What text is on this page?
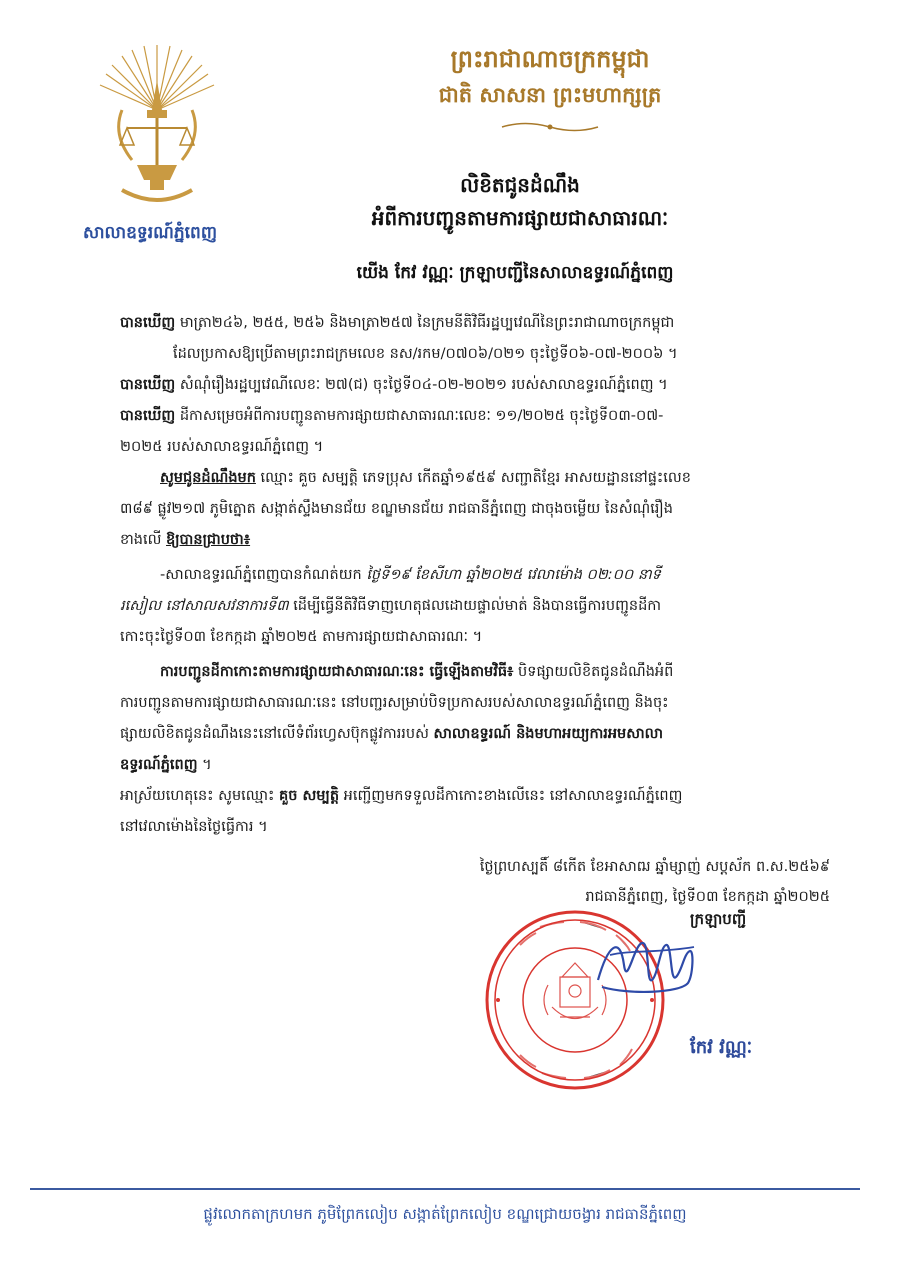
សាលាឧទ្ធរណ៍ភ្នំពេញ
ព្រះរាជាណាចក្រកម្ពុជា
ជាតិ សាសនា ព្រះមហាក្សត្រ
លិខិតជូនដំណឹង
អំពីការបញ្ជូនតាមការផ្សាយជាសាធារណៈ
យើង កែវ វណ្ណៈ ក្រឡាបញ្ជីនៃសាលាឧទ្ធរណ៍ភ្នំពេញ
បានឃើញ មាត្រា២៤៦, ២៥៥, ២៥៦ និងមាត្រា២៥៧ នៃក្រមនីតិវិធីរដ្ឋប្បវេណីនៃព្រះរាជាណាចក្រកម្ពុជា
ដែលប្រកាសឱ្យប្រើតាមព្រះរាជក្រមលេខ នស/រកម/០៧០៦/០២១ ចុះថ្ងៃទី០៦-០៧-២០០៦ ។
បានឃើញ សំណុំរឿងរដ្ឋប្បវេណីលេខៈ ២៧(ជ) ចុះថ្ងៃទី០៤-០២-២០២១ របស់សាលាឧទ្ធរណ៍ភ្នំពេញ ។
បានឃើញ ដីកាសម្រេចអំពីការបញ្ជូនតាមការផ្សាយជាសាធារណៈលេខៈ ១១/២០២៥ ចុះថ្ងៃទី០៣-០៧-
២០២៥ របស់សាលាឧទ្ធរណ៍ភ្នំពេញ ។
សូមជូនដំណឹងមក ឈ្មោះ គួច សម្បត្តិ ភេទប្រុស កើតឆ្នាំ១៩៥៩ សញ្ជាតិខ្មែរ អាសយដ្ឋាននៅផ្ទះលេខ
៣៨៩ ផ្លូវ២១៧ ភូមិត្នោត សង្កាត់ស្ទឹងមានជ័យ ខណ្ឌមានជ័យ រាជធានីភ្នំពេញ ជាចុងចម្លើយ នៃសំណុំរឿង
ខាងលើ ឱ្យបានជ្រាបថា៖
-សាលាឧទ្ធរណ៍ភ្នំពេញបានកំណត់យក ថ្ងៃទី១៩ ខែសីហា ឆ្នាំ២០២៥ វេលាម៉ោង ០២:០០ នាទី
រសៀល នៅសាលសវនាការទី៣ ដើម្បីធ្វើនីតិវិធីទាញហេតុផលដោយផ្ទាល់មាត់ និងបានធ្វើការបញ្ជូនដីកា
កោះចុះថ្ងៃទី០៣ ខែកក្កដា ឆ្នាំ២០២៥ តាមការផ្សាយជាសាធារណៈ ។
ការបញ្ជូនដីកាកោះតាមការផ្សាយជាសាធារណៈនេះ ធ្វើឡើងតាមវិធី៖ បិទផ្សាយលិខិតជូនដំណឹងអំពី
ការបញ្ជូនតាមការផ្សាយជាសាធារណៈនេះ នៅបញ្ជរសម្រាប់បិទប្រកាសរបស់សាលាឧទ្ធរណ៍ភ្នំពេញ និងចុះ
ផ្សាយលិខិតជូនដំណឹងនេះនៅលើទំព័រហ្វេសប៊ុកផ្លូវការរបស់ សាលាឧទ្ធរណ៍ និងមហាអយ្យការអមសាលា
ឧទ្ធរណ៍ភ្នំពេញ ។
អាស្រ័យហេតុនេះ សូមឈ្មោះ គួច សម្បត្តិ អញ្ជើញមកទទួលដីកាកោះខាងលើនេះ នៅសាលាឧទ្ធរណ៍ភ្នំពេញ
នៅវេលាម៉ោងនៃថ្ងៃធ្វើការ ។
ថ្ងៃព្រហស្បតិ៍ ៨កើត ខែអាសាឍ ឆ្នាំម្សាញ់ សប្តស័ក ព.ស.២៥៦៩
រាជធានីភ្នំពេញ, ថ្ងៃទី០៣ ខែកក្កដា ឆ្នាំ២០២៥
ក្រឡាបញ្ជី
កែវ វណ្ណៈ
ផ្លូវលោកតាក្រហមក ភូមិព្រែកលៀប សង្កាត់ព្រែកលៀប ខណ្ឌជ្រោយចង្វារ រាជធានីភ្នំពេញ
